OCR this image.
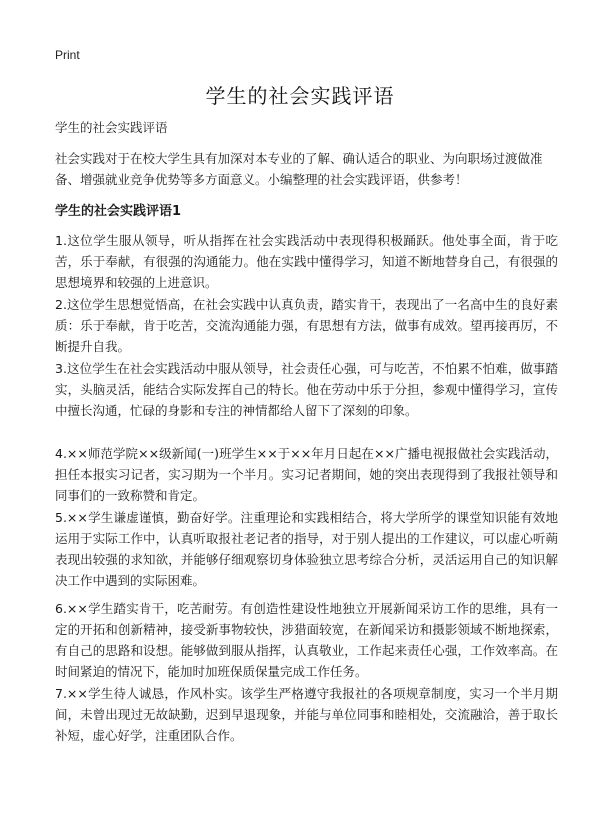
Print
学生的社会实践评语

学生的社会实践评语

社会实践对于在校大学生具有加深对本专业的了解、确认适合的职业、为向职场过渡做准备、增强就业竞争优势等多方面意义。小编整理的社会实践评语，供参考！

学生的社会实践评语1

1.这位学生服从领导，听从指挥在社会实践活动中表现得积极踊跃。他处事全面，肯于吃苦，乐于奉献，有很强的沟通能力。他在实践中懂得学习，知道不断地替身自己，有很强的思想境界和较强的上进意识。

2.这位学生思想觉悟高，在社会实践中认真负责，踏实肯干，表现出了一名高中生的良好素质：乐于奉献，肯于吃苦，交流沟通能力强，有思想有方法，做事有成效。望再接再厉，不断提升自我。

3.这位学生在社会实践活动中服从领导，社会责任心强，可与吃苦，不怕累不怕难，做事踏实，头脑灵活，能结合实际发挥自己的特长。他在劳动中乐于分担，参观中懂得学习，宣传中擅长沟通，忙碌的身影和专注的神情都给人留下了深刻的印象。

4.××师范学院××级新闻(一)班学生××于××年月日起在××广播电视报做社会实践活动，担任本报实习记者，实习期为一个半月。实习记者期间，她的突出表现得到了我报社领导和同事们的一致称赞和肯定。

5.××学生谦虚谨慎，勤奋好学。注重理论和实践相结合，将大学所学的课堂知识能有效地运用于实际工作中，认真听取报社老记者的指导，对于别人提出的工作建议，可以虚心听蒴表现出较强的求知欲，并能够仔细观察切身体验独立思考综合分析，灵活运用自己的知识解决工作中遇到的实际困难。

6.××学生踏实肯干，吃苦耐劳。有创造性建设性地独立开展新闻采访工作的思维，具有一定的开拓和创新精神，接受新事物较快，涉猎面较宽，在新闻采访和摄影领域不断地探索，有自己的思路和设想。能够做到服从指挥，认真敬业，工作起来责任心强，工作效率高。在时间紧迫的情况下，能加时加班保质保量完成工作任务。

7.××学生待人诚恳，作风朴实。该学生严格遵守我报社的各项规章制度，实习一个半月期间，未曾出现过无故缺勤，迟到早退现象，并能与单位同事和睦相处，交流融洽，善于取长补短，虚心好学，注重团队合作。
